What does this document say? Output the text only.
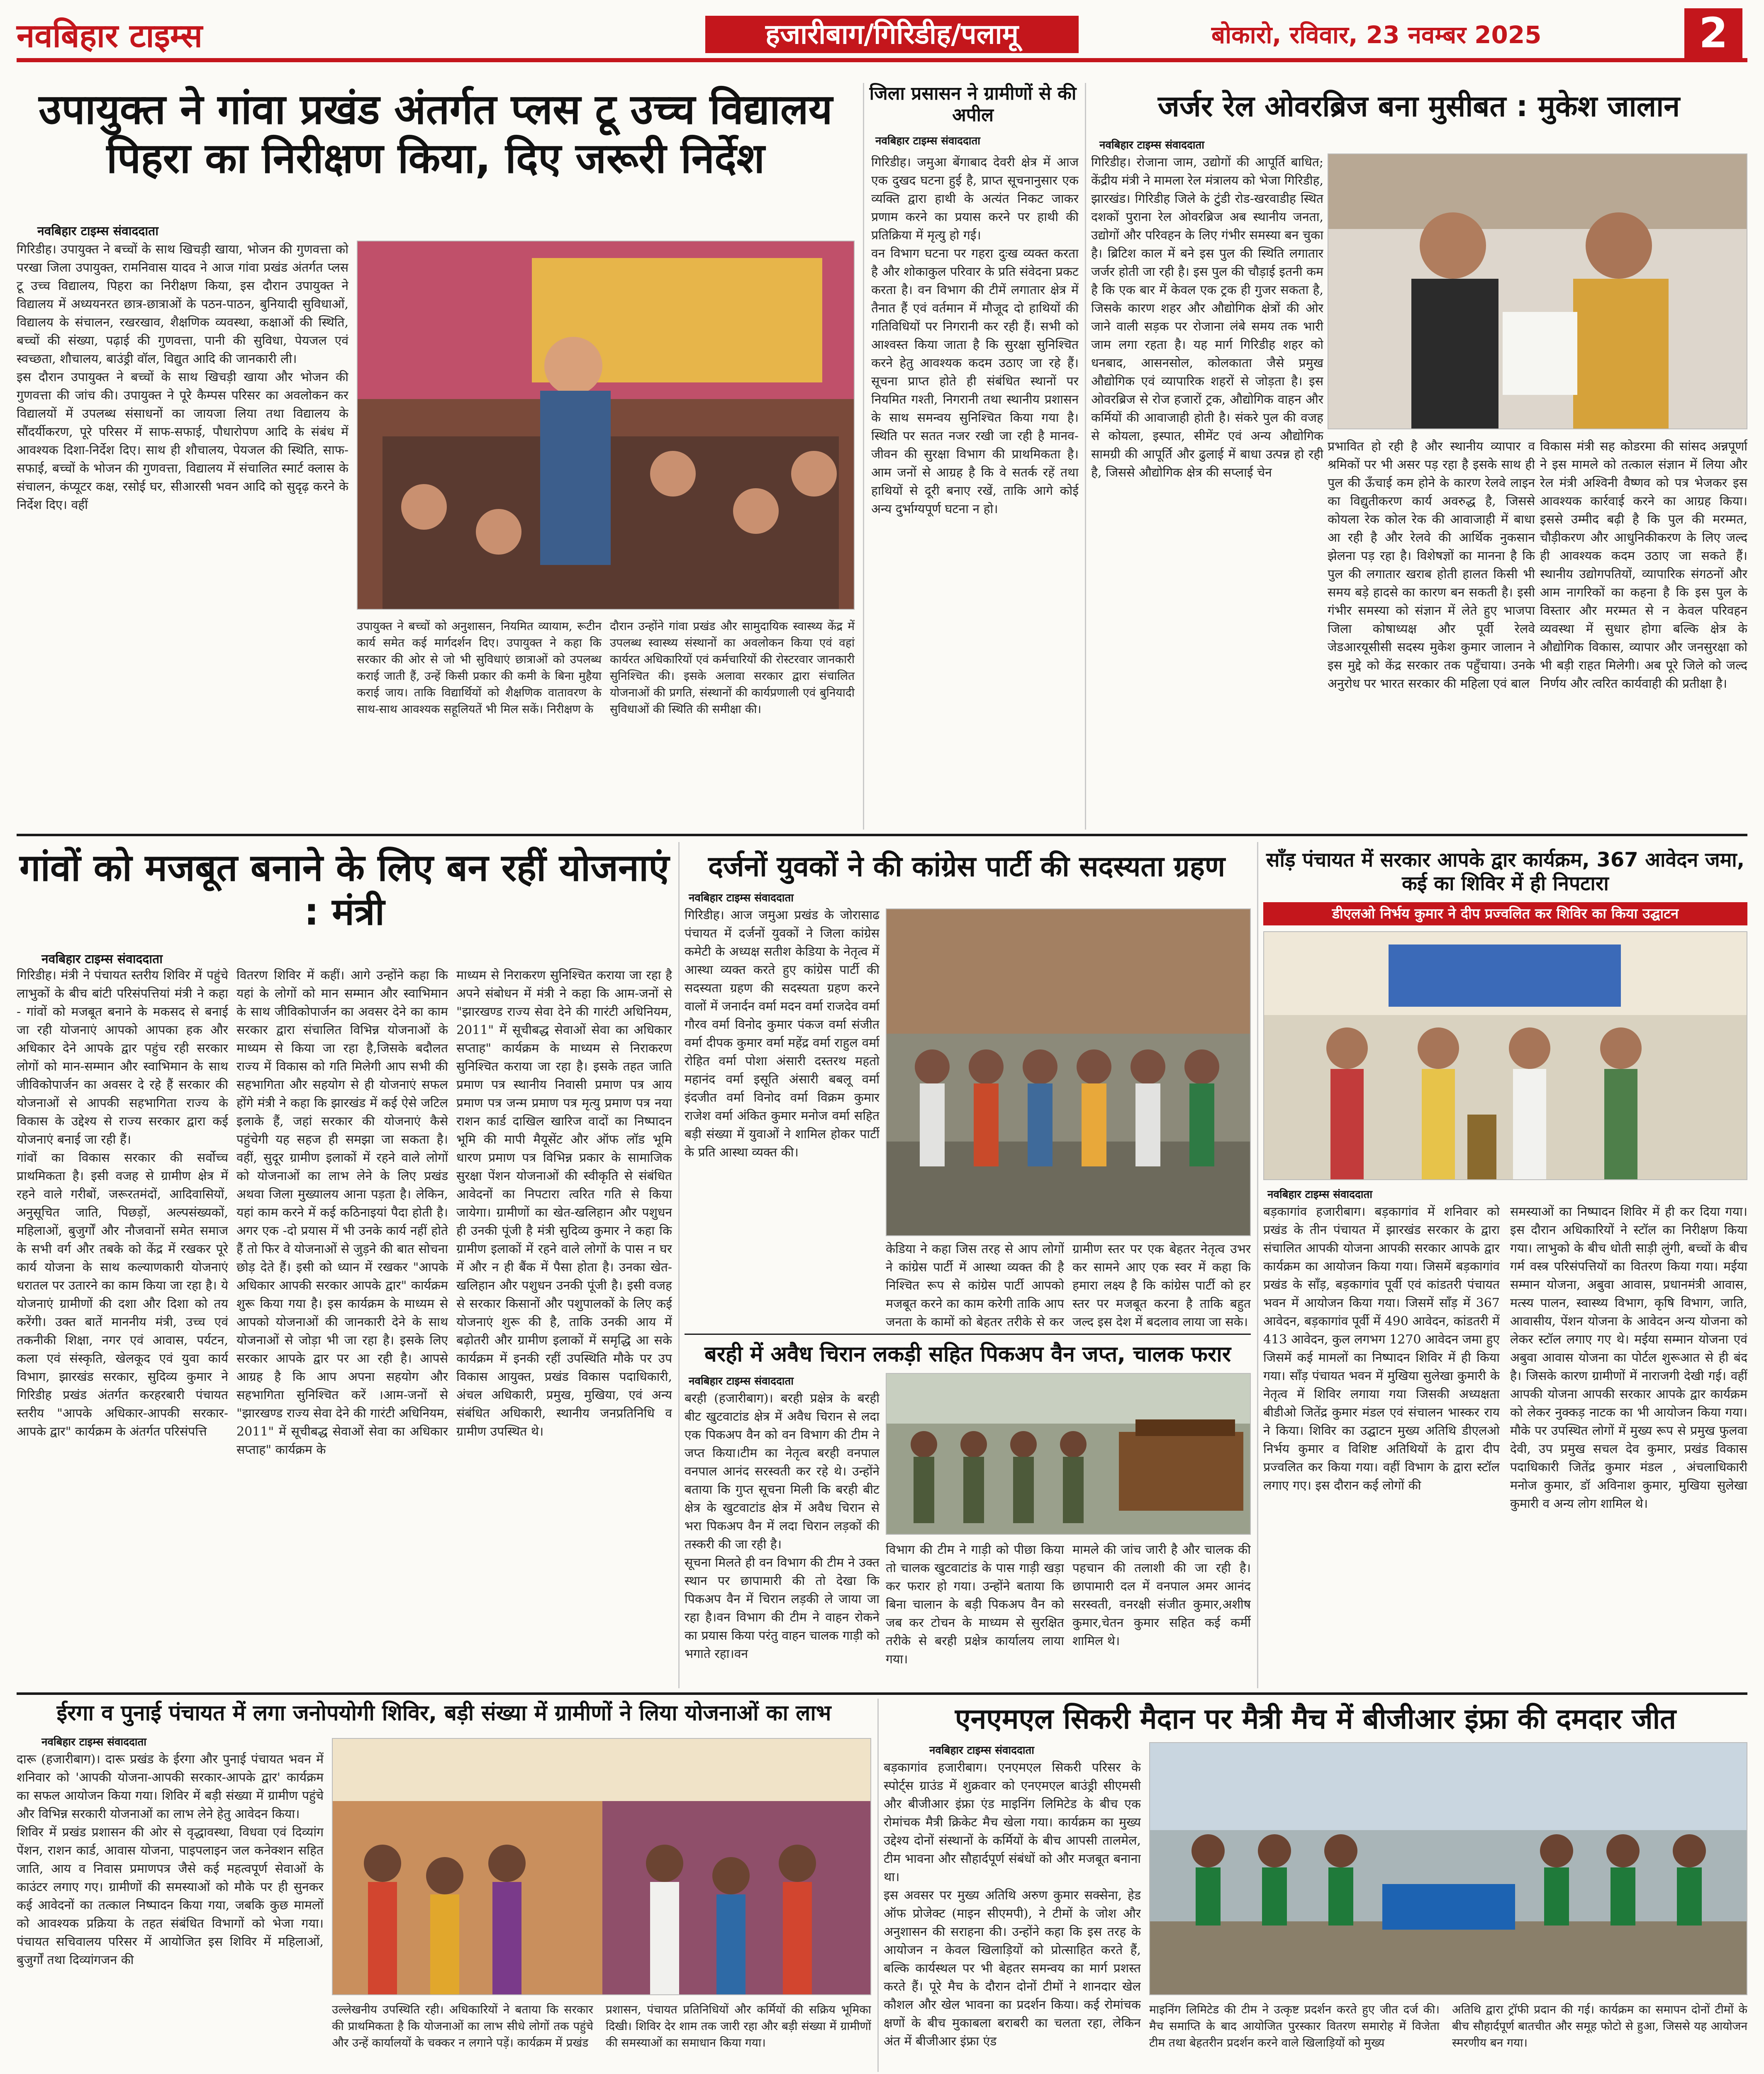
नवबिहार टाइम्स	हजारीबाग/गिरिडीह/पलामू	बोकारो, रविवार, 23 नवम्बर 2025	2
उपायुक्त ने गांवा प्रखंड अंतर्गत प्लस टू उच्च विद्यालय पिहरा का निरीक्षण किया, दिए जरूरी निर्देश
नवबिहार टाइम्स संवाददाता
गिरिडीह। उपायुक्त ने बच्चों के साथ खिचड़ी खाया, भोजन की गुणवत्ता को परखा जिला उपायुक्त, रामनिवास यादव ने आज गांवा प्रखंड अंतर्गत प्लस टू उच्च विद्यालय, पिहरा का निरीक्षण किया, इस दौरान उपायुक्त ने विद्यालय में अध्ययनरत छात्र-छात्राओं के पठन-पाठन, बुनियादी सुविधाओं, विद्यालय के संचालन, रखरखाव, शैक्षणिक व्यवस्था, कक्षाओं की स्थिति, बच्चों की संख्या, पढ़ाई की गुणवत्ता, पानी की सुविधा, पेयजल एवं स्वच्छता, शौचालय, बाउंड्री वॉल, विद्युत आदि की जानकारी ली।
इस दौरान उपायुक्त ने बच्चों के साथ खिचड़ी खाया और भोजन की गुणवत्ता की जांच की। उपायुक्त ने पूरे कैम्पस परिसर का अवलोकन कर विद्यालयों में उपलब्ध संसाधनों का जायजा लिया तथा विद्यालय के सौंदर्यीकरण, पूरे परिसर में साफ-सफाई, पौधारोपण आदि के संबंध में आवश्यक दिशा-निर्देश दिए। साथ ही शौचालय, पेयजल की स्थिति, साफ-सफाई, बच्चों के भोजन की गुणवत्ता, विद्यालय में संचालित स्मार्ट क्लास के संचालन, कंप्यूटर कक्ष, रसोई घर, सीआरसी भवन आदि को सुदृढ़ करने के निर्देश दिए। वहीं
उपायुक्त ने बच्चों को अनुशासन, नियमित व्यायाम, रूटीन कार्य समेत कई मार्गदर्शन दिए। उपायुक्त ने कहा कि सरकार की ओर से जो भी सुविधाएं छात्राओं को उपलब्ध कराई जाती हैं, उन्हें किसी प्रकार की कमी के बिना मुहैया कराई जाय। ताकि विद्यार्थियों को शैक्षणिक वातावरण के साथ-साथ आवश्यक सहूलियतें भी मिल सकें। निरीक्षण के
दौरान उन्होंने गांवा प्रखंड और सामुदायिक स्वास्थ्य केंद्र में उपलब्ध स्वास्थ्य संस्थानों का अवलोकन किया एवं वहां कार्यरत अधिकारियों एवं कर्मचारियों की रोस्टरवार जानकारी सुनिश्चित की। इसके अलावा सरकार द्वारा संचालित योजनाओं की प्रगति, संस्थानों की कार्यप्रणाली एवं बुनियादी सुविधाओं की स्थिति की समीक्षा की।
जिला प्रसासन ने ग्रामीणों से की अपील
नवबिहार टाइम्स संवाददाता
गिरिडीह। जमुआ बेंगाबाद देवरी क्षेत्र में आज एक दुखद घटना हुई है, प्राप्त सूचनानुसार एक व्यक्ति द्वारा हाथी के अत्यंत निकट जाकर प्रणाम करने का प्रयास करने पर हाथी की प्रतिक्रिया में मृत्यु हो गई।
वन विभाग घटना पर गहरा दुःख व्यक्त करता है और शोकाकुल परिवार के प्रति संवेदना प्रकट करता है। वन विभाग की टीमें लगातार क्षेत्र में तैनात हैं एवं वर्तमान में मौजूद दो हाथियों की गतिविधियों पर निगरानी कर रही हैं। सभी को आश्वस्त किया जाता है कि सुरक्षा सुनिश्चित करने हेतु आवश्यक कदम उठाए जा रहे हैं। सूचना प्राप्त होते ही संबंधित स्थानों पर नियमित गश्ती, निगरानी तथा स्थानीय प्रशासन के साथ समन्वय सुनिश्चित किया गया है। स्थिति पर सतत नजर रखी जा रही है मानव-जीवन की सुरक्षा विभाग की प्राथमिकता है। आम जनों से आग्रह है कि वे सतर्क रहें तथा हाथियों से दूरी बनाए रखें, ताकि आगे कोई अन्य दुर्भाग्यपूर्ण घटना न हो।
जर्जर रेल ओवरब्रिज बना मुसीबत : मुकेश जालान
नवबिहार टाइम्स संवाददाता
गिरिडीह। रोजाना जाम, उद्योगों की आपूर्ति बाधित; केंद्रीय मंत्री ने मामला रेल मंत्रालय को भेजा गिरिडीह, झारखंड। गिरिडीह जिले के टुंडी रोड-खरवाडीह स्थित दशकों पुराना रेल ओवरब्रिज अब स्थानीय जनता, उद्योगों और परिवहन के लिए गंभीर समस्या बन चुका है। ब्रिटिश काल में बने इस पुल की स्थिति लगातार जर्जर होती जा रही है। इस पुल की चौड़ाई इतनी कम है कि एक बार में केवल एक ट्रक ही गुजर सकता है, जिसके कारण शहर और औद्योगिक क्षेत्रों की ओर जाने वाली सड़क पर रोजाना लंबे समय तक भारी जाम लगा रहता है। यह मार्ग गिरिडीह शहर को धनबाद, आसनसोल, कोलकाता जैसे प्रमुख औद्योगिक एवं व्यापारिक शहरों से जोड़ता है। इस ओवरब्रिज से रोज हजारों ट्रक, औद्योगिक वाहन और कर्मियों की आवाजाही होती है। संकरे पुल की वजह से कोयला, इस्पात, सीमेंट एवं अन्य औद्योगिक सामग्री की आपूर्ति और ढुलाई में बाधा उत्पन्न हो रही है, जिससे औद्योगिक क्षेत्र की सप्लाई चेन
प्रभावित हो रही है और स्थानीय व्यापार व श्रमिकों पर भी असर पड़ रहा है इसके साथ ही पुल की ऊँचाई कम होने के कारण रेलवे लाइन का विद्युतीकरण कार्य अवरुद्ध है, जिससे कोयला रेक कोल रेक की आवाजाही में बाधा आ रही है और रेलवे की आर्थिक नुकसान झेलना पड़ रहा है। विशेषज्ञों का मानना है कि पुल की लगातार खराब होती हालत किसी भी समय बड़े हादसे का कारण बन सकती है। इसी गंभीर समस्या को संज्ञान में लेते हुए भाजपा जिला कोषाध्यक्ष और पूर्वी रेलवे जेडआरयूसीसी सदस्य मुकेश कुमार जालान ने इस मुद्दे को केंद्र सरकार तक पहुँचाया। उनके अनुरोध पर भारत सरकार की महिला एवं बाल
विकास मंत्री सह कोडरमा की सांसद अन्नपूर्णा ने इस मामले को तत्काल संज्ञान में लिया और रेल मंत्री अश्विनी वैष्णव को पत्र भेजकर इस आवश्यक कार्रवाई करने का आग्रह किया। इससे उम्मीद बढ़ी है कि पुल की मरम्मत, चौड़ीकरण और आधुनिकीकरण के लिए जल्द ही आवश्यक कदम उठाए जा सकते हैं। स्थानीय उद्योगपतियों, व्यापारिक संगठनों और आम नागरिकों का कहना है कि इस पुल के विस्तार और मरम्मत से न केवल परिवहन व्यवस्था में सुधार होगा बल्कि क्षेत्र के औद्योगिक विकास, व्यापार और जनसुरक्षा को भी बड़ी राहत मिलेगी। अब पूरे जिले को जल्द निर्णय और त्वरित कार्यवाही की प्रतीक्षा है।
गांवों को मजबूत बनाने के लिए बन रहीं योजनाएं : मंत्री
नवबिहार टाइम्स संवाददाता
गिरिडीह। मंत्री ने पंचायत स्तरीय शिविर में पहुंचे लाभुकों के बीच बांटी परिसंपत्तियां मंत्री ने कहा - गांवों को मजबूत बनाने के मकसद से बनाई जा रही योजनाएं आपको आपका हक और अधिकार देने आपके द्वार पहुंच रही सरकार लोगों को मान-सम्मान और स्वाभिमान के साथ जीविकोपार्जन का अवसर दे रहे हैं सरकार की योजनाओं से आपकी सहभागिता राज्य के विकास के उद्देश्य से राज्य सरकार द्वारा कई योजनाएं बनाई जा रही हैं।
गांवों का विकास सरकार की सर्वोच्च प्राथमिकता है। इसी वजह से ग्रामीण क्षेत्र में रहने वाले गरीबों, जरूरतमंदों, आदिवासियों, अनुसूचित जाति, पिछड़ों, अल्पसंख्यकों, महिलाओं, बुजुर्गों और नौजवानों समेत समाज के सभी वर्ग और तबके को केंद्र में रखकर पूरे कार्य योजना के साथ कल्याणकारी योजनाएं धरातल पर उतारने का काम किया जा रहा है। ये योजनाएं ग्रामीणों की दशा और दिशा को तय करेंगी। उक्त बातें माननीय मंत्री, उच्च एवं तकनीकी शिक्षा, नगर एवं आवास, पर्यटन, कला एवं संस्कृति, खेलकूद एवं युवा कार्य विभाग, झारखंड सरकार, सुदिव्य कुमार ने गिरिडीह प्रखंड अंतर्गत करहरबारी पंचायत स्तरीय "आपके अधिकार-आपकी सरकार-आपके द्वार" कार्यक्रम के अंतर्गत परिसंपत्ति
वितरण शिविर में कहीं। आगे उन्होंने कहा कि यहां के लोगों को मान सम्मान और स्वाभिमान के साथ जीविकोपार्जन का अवसर देने का काम सरकार द्वारा संचालित विभिन्न योजनाओं के माध्यम से किया जा रहा है,जिसके बदौलत राज्य में विकास को गति मिलेगी आप सभी की सहभागिता और सहयोग से ही योजनाएं सफल होंगे मंत्री ने कहा कि झारखंड में कई ऐसे जटिल इलाके हैं, जहां सरकार की योजनाएं कैसे पहुंचेगी यह सहज ही समझा जा सकता है। वहीं, सुदूर ग्रामीण इलाकों में रहने वाले लोगों को योजनाओं का लाभ लेने के लिए प्रखंड अथवा जिला मुख्यालय आना पड़ता है। लेकिन, यहां काम करने में कई कठिनाइयां पैदा होती है। अगर एक -दो प्रयास में भी उनके कार्य नहीं होते हैं तो फिर वे योजनाओं से जुड़ने की बात सोचना छोड़ देते हैं। इसी को ध्यान में रखकर "आपके अधिकार आपकी सरकार आपके द्वार" कार्यक्रम शुरू किया गया है। इस कार्यक्रम के माध्यम से आपको योजनाओं की जानकारी देने के साथ योजनाओं से जोड़ा भी जा रहा है। इसके लिए सरकार आपके द्वार पर आ रही है। आपसे आग्रह है कि आप अपना सहयोग और सहभागिता सुनिश्चित करें ।आम-जनों से "झारखण्ड राज्य सेवा देने की गारंटी अधिनियम, 2011" में सूचीबद्ध सेवाओं सेवा का अधिकार सप्ताह" कार्यक्रम के
माध्यम से निराकरण सुनिश्चित कराया जा रहा है अपने संबोधन में मंत्री ने कहा कि आम-जनों से "झारखण्ड राज्य सेवा देने की गारंटी अधिनियम, 2011" में सूचीबद्ध सेवाओं सेवा का अधिकार सप्ताह" कार्यक्रम के माध्यम से निराकरण सुनिश्चित कराया जा रहा है। इसके तहत जाति प्रमाण पत्र स्थानीय निवासी प्रमाण पत्र आय प्रमाण पत्र जन्म प्रमाण पत्र मृत्यु प्रमाण पत्र नया राशन कार्ड दाखिल खारिज वादों का निष्पादन भूमि की मापी मैयूसेंट और ऑफ लॉड भूमि धारण प्रमाण पत्र विभिन्न प्रकार के सामाजिक सुरक्षा पेंशन योजनाओं की स्वीकृति से संबंधित आवेदनों का निपटारा त्वरित गति से किया जायेगा। ग्रामीणों का खेत-खलिहान और पशुधन ही उनकी पूंजी है मंत्री सुदिव्य कुमार ने कहा कि ग्रामीण इलाकों में रहने वाले लोगों के पास न घर में और न ही बैंक में पैसा होता है। उनका खेत- खलिहान और पशुधन उनकी पूंजी है। इसी वजह से सरकार किसानों और पशुपालकों के लिए कई योजनाएं शुरू की है, ताकि उनकी आय में बढ़ोतरी और ग्रामीण इलाकों में समृद्धि आ सके कार्यक्रम में इनकी रहीं उपस्थिति मौके पर उप विकास आयुक्त, प्रखंड विकास पदाधिकारी, अंचल अधिकारी, प्रमुख, मुखिया, एवं अन्य संबंधित अधिकारी, स्थानीय जनप्रतिनिधि व ग्रामीण उपस्थित थे।
दर्जनों युवकों ने की कांग्रेस पार्टी की सदस्यता ग्रहण
नवबिहार टाइम्स संवाददाता
गिरिडीह। आज जमुआ प्रखंड के जोरासाढ पंचायत में दर्जनों युवकों ने जिला कांग्रेस कमेटी के अध्यक्ष सतीश केडिया के नेतृत्व में आस्था व्यक्त करते हुए कांग्रेस पार्टी की सदस्यता ग्रहण की सदस्यता ग्रहण करने वालों में जनार्दन वर्मा मदन वर्मा राजदेव वर्मा गौरव वर्मा विनोद कुमार पंकज वर्मा संजीत वर्मा दीपक कुमार वर्मा महेंद्र वर्मा राहुल वर्मा रोहित वर्मा पोशा अंसारी दस्तरथ महतो महानंद वर्मा इसूति अंसारी बबलू वर्मा इंदजीत वर्मा विनोद वर्मा विक्रम कुमार राजेश वर्मा अंकित कुमार मनोज वर्मा सहित बड़ी संख्या में युवाओं ने शामिल होकर पार्टी के प्रति आस्था व्यक्त की।
केडिया ने कहा जिस तरह से आप लोगों ने कांग्रेस पार्टी में आस्था व्यक्त की है निश्चित रूप से कांग्रेस पार्टी आपको मजबूत करने का काम करेगी ताकि आप जनता के कामों को बेहतर तरीके से कर
ग्रामीण स्तर पर एक बेहतर नेतृत्व उभर कर सामने आए एक स्वर में कहा कि हमारा लक्ष्य है कि कांग्रेस पार्टी को हर स्तर पर मजबूत करना है ताकि बहुत जल्द इस देश में बदलाव लाया जा सके।
बरही में अवैध चिरान लकड़ी सहित पिकअप वैन जप्त, चालक फरार
नवबिहार टाइम्स संवाददाता
बरही (हजारीबाग)। बरही प्रक्षेत्र के बरही बीट खुटवाटांड क्षेत्र में अवैध चिरान से लदा एक पिकअप वैन को वन विभाग की टीम ने जप्त किया।टीम का नेतृत्व बरही वनपाल वनपाल आनंद सरस्वती कर रहे थे। उन्होंने बताया कि गुप्त सूचना मिली कि बरही बीट क्षेत्र के खुटवाटांड क्षेत्र में अवैध चिरान से भरा पिकअप वैन में लदा चिरान लड़कों की तस्करी की जा रही है।
सूचना मिलते ही वन विभाग की टीम ने उक्त स्थान पर छापामारी की तो देखा कि पिकअप वैन में चिरान लड़की ले जाया जा रहा है।वन विभाग की टीम ने वाहन रोकने का प्रयास किया परंतु वाहन चालक गाड़ी को भगाते रहा।वन
विभाग की टीम ने गाड़ी को पीछा किया तो चालक खुटवाटांड के पास गाड़ी खड़ा कर फरार हो गया। उन्होंने बताया कि बिना चालान के बड़ी पिकअप वैन को जब कर टोचन के माध्यम से सुरक्षित तरीके से बरही प्रक्षेत्र कार्यालय लाया गया।
मामले की जांच जारी है और चालक की पहचान की तलाशी की जा रही है। छापामारी दल में वनपाल अमर आनंद सरस्वती, वनरक्षी संजीत कुमार,अशीष कुमार,चेतन कुमार सहित कई कर्मी शामिल थे।
साँड़ पंचायत में सरकार आपके द्वार कार्यक्रम, 367 आवेदन जमा, कई का शिविर में ही निपटारा
डीएलओ निर्भय कुमार ने दीप प्रज्वलित कर शिविर का किया उद्घाटन
नवबिहार टाइम्स संवाददाता
बड़कागांव हजारीबाग। बड़कागांव में शनिवार को प्रखंड के तीन पंचायत में झारखंड सरकार के द्वारा संचालित आपकी योजना आपकी सरकार आपके द्वार कार्यक्रम का आयोजन किया गया। जिसमें बड़कागांव प्रखंड के साँड़, बड़कागांव पूर्वी एवं कांडतरी पंचायत भवन में आयोजन किया गया। जिसमें साँड़ में 367 आवेदन, बड़कागांव पूर्वी में 490 आवेदन, कांडतरी में 413 आवेदन, कुल लगभग 1270 आवेदन जमा हुए जिसमें कई मामलों का निष्पादन शिविर में ही किया गया। साँड़ पंचायत भवन में मुखिया सुलेखा कुमारी के नेतृत्व में शिविर लगाया गया जिसकी अध्यक्षता बीडीओ जितेंद्र कुमार मंडल एवं संचालन भास्कर राय ने किया। शिविर का उद्घाटन मुख्य अतिथि डीएलओ निर्भय कुमार व विशिष्ट अतिथियों के द्वारा दीप प्रज्वलित कर किया गया। वहीं विभाग के द्वारा स्टॉल लगाए गए। इस दौरान कई लोगों की
समस्याओं का निष्पादन शिविर में ही कर दिया गया। इस दौरान अधिकारियों ने स्टॉल का निरीक्षण किया गया। लाभुको के बीच धोती साड़ी लुंगी, बच्चों के बीच गर्म वस्त्र परिसंपत्तियों का वितरण किया गया। मईया सम्मान योजना, अबुवा आवास, प्रधानमंत्री आवास, मत्स्य पालन, स्वास्थ्य विभाग, कृषि विभाग, जाति, आवासीय, पेंशन योजना के आवेदन अन्य योजना को लेकर स्टॉल लगाए गए थे। मईया सम्मान योजना एवं अबुवा आवास योजना का पोर्टल शुरूआत से ही बंद है। जिसके कारण ग्रामीणों में नाराजगी देखी गई। वहीं आपकी योजना आपकी सरकार आपके द्वार कार्यक्रम को लेकर नुक्कड़ नाटक का भी आयोजन किया गया। मौके पर उपस्थित लोगों में मुख्य रूप से प्रमुख फुलवा देवी, उप प्रमुख सचल देव कुमार, प्रखंड विकास पदाधिकारी जितेंद्र कुमार मंडल , अंचलाधिकारी मनोज कुमार, डॉ अविनाश कुमार, मुखिया सुलेखा कुमारी व अन्य लोग शामिल थे।
ईरगा व पुनाई पंचायत में लगा जनोपयोगी शिविर, बड़ी संख्या में ग्रामीणों ने लिया योजनाओं का लाभ
नवबिहार टाइम्स संवाददाता
दारू (हजारीबाग)। दारू प्रखंड के ईरगा और पुनाई पंचायत भवन में शनिवार को 'आपकी योजना-आपकी सरकार-आपके द्वार' कार्यक्रम का सफल आयोजन किया गया। शिविर में बड़ी संख्या में ग्रामीण पहुंचे और विभिन्न सरकारी योजनाओं का लाभ लेने हेतु आवेदन किया।
शिविर में प्रखंड प्रशासन की ओर से वृद्धावस्था, विधवा एवं दिव्यांग पेंशन, राशन कार्ड, आवास योजना, पाइपलाइन जल कनेक्शन सहित जाति, आय व निवास प्रमाणपत्र जैसे कई महत्वपूर्ण सेवाओं के काउंटर लगाए गए। ग्रामीणों की समस्याओं को मौके पर ही सुनकर कई आवेदनों का तत्काल निष्पादन किया गया, जबकि कुछ मामलों को आवश्यक प्रक्रिया के तहत संबंधित विभागों को भेजा गया। पंचायत सचिवालय परिसर में आयोजित इस शिविर में महिलाओं, बुजुर्गों तथा दिव्यांगजन की
उल्लेखनीय उपस्थिति रही। अधिकारियों ने बताया कि सरकार की प्राथमिकता है कि योजनाओं का लाभ सीधे लोगों तक पहुंचे और उन्हें कार्यालयों के चक्कर न लगाने पड़ें। कार्यक्रम में प्रखंड
प्रशासन, पंचायत प्रतिनिधियों और कर्मियों की सक्रिय भूमिका दिखी। शिविर देर शाम तक जारी रहा और बड़ी संख्या में ग्रामीणों की समस्याओं का समाधान किया गया।
एनएमएल सिकरी मैदान पर मैत्री मैच में बीजीआर इंफ्रा की दमदार जीत
नवबिहार टाइम्स संवाददाता
बड़कागांव हजारीबाग। एनएमएल सिकरी परिसर के स्पोर्ट्स ग्राउंड में शुक्रवार को एनएमएल बाउंड्री सीएमसी और बीजीआर इंफ्रा एंड माइनिंग लिमिटेड के बीच एक रोमांचक मैत्री क्रिकेट मैच खेला गया। कार्यक्रम का मुख्य उद्देश्य दोनों संस्थानों के कर्मियों के बीच आपसी तालमेल, टीम भावना और सौहार्दपूर्ण संबंधों को और मजबूत बनाना था।
इस अवसर पर मुख्य अतिथि अरुण कुमार सक्सेना, हेड ऑफ प्रोजेक्ट (माइन सीएमपी), ने टीमों के जोश और अनुशासन की सराहना की। उन्होंने कहा कि इस तरह के आयोजन न केवल खिलाड़ियों को प्रोत्साहित करते हैं, बल्कि कार्यस्थल पर भी बेहतर समन्वय का मार्ग प्रशस्त करते हैं। पूरे मैच के दौरान दोनों टीमों ने शानदार खेल कौशल और खेल भावना का प्रदर्शन किया। कई रोमांचक क्षणों के बीच मुकाबला बराबरी का चलता रहा, लेकिन अंत में बीजीआर इंफ्रा एंड
माइनिंग लिमिटेड की टीम ने उत्कृष्ट प्रदर्शन करते हुए जीत दर्ज की। मैच समाप्ति के बाद आयोजित पुरस्कार वितरण समारोह में विजेता टीम तथा बेहतरीन प्रदर्शन करने वाले खिलाड़ियों को मुख्य
अतिथि द्वारा ट्रॉफी प्रदान की गई। कार्यक्रम का समापन दोनों टीमों के बीच सौहार्दपूर्ण बातचीत और समूह फोटो से हुआ, जिससे यह आयोजन स्मरणीय बन गया।
